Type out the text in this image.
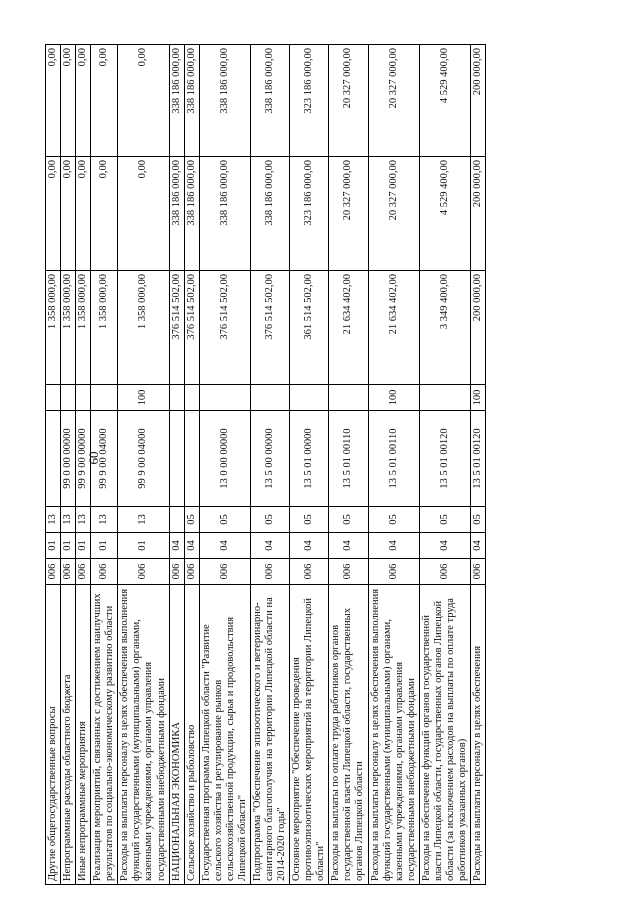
60
Другие общегосударственные вопросы	006	01	13			1 358 000,00	0,00	0,00
Непрограммные расходы областного бюджета	006	01	13	99 0 00 00000		1 358 000,00	0,00	0,00
Иные непрограммные мероприятия	006	01	13	99 9 00 00000		1 358 000,00	0,00	0,00
Реализация мероприятий, связанных с достижением наилучших результатов по социально-экономическому развитию области	006	01	13	99 9 00 04000		1 358 000,00	0,00	0,00
Расходы на выплаты персоналу в целях обеспечения выполнения функций государственными (муниципальными) органами, казенными учреждениями, органами управления государственными внебюджетными фондами	006	01	13	99 9 00 04000	100	1 358 000,00	0,00	0,00
НАЦИОНАЛЬНАЯ ЭКОНОМИКА	006	04				376 514 502,00	338 186 000,00	338 186 000,00
Сельское хозяйство и рыболовство	006	04	05			376 514 502,00	338 186 000,00	338 186 000,00
Государственная программа Липецкой области "Развитие сельского хозяйства и регулирование рынков сельскохозяйственной продукции, сырья и продовольствия Липецкой области"	006	04	05	13 0 00 00000		376 514 502,00	338 186 000,00	338 186 000,00
Подпрограмма "Обеспечение эпизоотического и ветеринарно-санитарного благополучия на территории Липецкой области на 2014-2020 годы"	006	04	05	13 5 00 00000		376 514 502,00	338 186 000,00	338 186 000,00
Основное мероприятие "Обеспечение проведения противоэпизоотических мероприятий на территории Липецкой области"	006	04	05	13 5 01 00000		361 514 502,00	323 186 000,00	323 186 000,00
Расходы на выплаты по оплате труда работников органов государственной власти Липецкой области, государственных органов Липецкой области	006	04	05	13 5 01 00110		21 634 402,00	20 327 000,00	20 327 000,00
Расходы на выплаты персоналу в целях обеспечения выполнения функций государственными (муниципальными) органами, казенными учреждениями, органами управления государственными внебюджетными фондами	006	04	05	13 5 01 00110	100	21 634 402,00	20 327 000,00	20 327 000,00
Расходы на обеспечение функций органов государственной власти Липецкой области, государственных органов Липецкой области (за исключением расходов на выплаты по оплате труда работников указанных органов)	006	04	05	13 5 01 00120		3 349 400,00	4 529 400,00	4 529 400,00
Расходы на выплаты персоналу в целях обеспечения	006	04	05	13 5 01 00120	100	200 000,00	200 000,00	200 000,00
